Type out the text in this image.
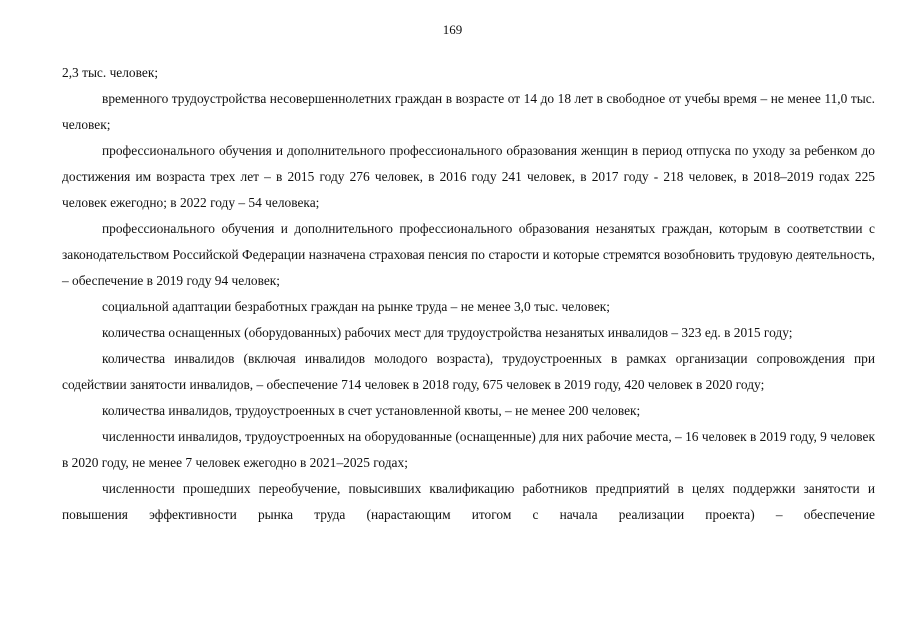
169

2,3 тыс. человек;

временного трудоустройства несовершеннолетних граждан в возрасте от 14 до 18 лет в свободное от учебы время – не менее 11,0 тыс. человек;

профессионального обучения и дополнительного профессионального образования женщин в период отпуска по уходу за ребенком до достижения им возраста трех лет – в 2015 году 276 человек, в 2016 году 241 человек, в 2017 году - 218 человек, в 2018–2019 годах 225 человек ежегодно; в 2022 году – 54 человека;

профессионального обучения и дополнительного профессионального образования незанятых граждан, которым в соответствии с законодательством Российской Федерации назначена страховая пенсия по старости и которые стремятся возобновить трудовую деятельность, – обеспечение в 2019 году 94 человек;

социальной адаптации безработных граждан на рынке труда – не менее 3,0 тыс. человек;

количества оснащенных (оборудованных) рабочих мест для трудоустройства незанятых инвалидов – 323 ед. в 2015 году;

количества инвалидов (включая инвалидов молодого возраста), трудоустроенных в рамках организации сопровождения при содействии занятости инвалидов, – обеспечение 714 человек в 2018 году, 675 человек в 2019 году, 420 человек в 2020 году;

количества инвалидов, трудоустроенных в счет установленной квоты, – не менее 200 человек;

численности инвалидов, трудоустроенных на оборудованные (оснащенные) для них рабочие места, – 16 человек в 2019 году, 9 человек в 2020 году, не менее 7 человек ежегодно в 2021–2025 годах;

численности прошедших переобучение, повысивших квалификацию работников предприятий в целях поддержки занятости и повышения эффективности рынка труда (нарастающим итогом с начала реализации проекта) – обеспечение
